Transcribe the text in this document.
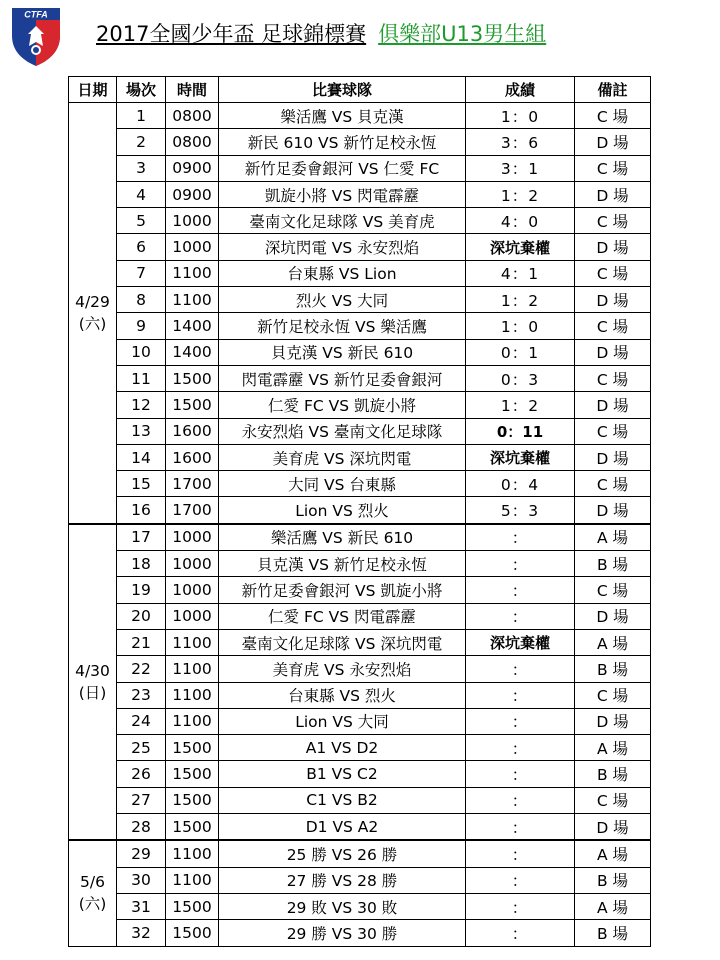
CTFA
2017全國少年盃 足球錦標賽 俱樂部U13男生組
日期	場次	時間	比賽球隊	成績	備註

4/29
(六)	1	0800	樂活鷹 VS 貝克漢	1：0	C 場
	2	0800	新民 610 VS 新竹足校永恆	3：6	D 場
	3	0900	新竹足委會銀河 VS 仁愛 FC	3：1	C 場
	4	0900	凱旋小將 VS 閃電霹靂	1：2	D 場
	5	1000	臺南文化足球隊 VS 美育虎	4：0	C 場
	6	1000	深坑閃電 VS 永安烈焰	深坑棄權	D 場
	7	1100	台東縣 VS Lion	4：1	C 場
	8	1100	烈火 VS 大同	1：2	D 場
	9	1400	新竹足校永恆 VS 樂活鷹	1：0	C 場
	10	1400	貝克漢 VS 新民 610	0：1	D 場
	11	1500	閃電霹靂 VS 新竹足委會銀河	0：3	C 場
	12	1500	仁愛 FC VS 凱旋小將	1：2	D 場
	13	1600	永安烈焰 VS 臺南文化足球隊	0：11	C 場
	14	1600	美育虎 VS 深坑閃電	深坑棄權	D 場
	15	1700	大同 VS 台東縣	0：4	C 場
	16	1700	Lion VS 烈火	5：3	D 場

4/30
(日)	17	1000	樂活鷹 VS 新民 610	：	A 場
	18	1000	貝克漢 VS 新竹足校永恆	：	B 場
	19	1000	新竹足委會銀河 VS 凱旋小將	：	C 場
	20	1000	仁愛 FC VS 閃電霹靂	：	D 場
	21	1100	臺南文化足球隊 VS 深坑閃電	深坑棄權	A 場
	22	1100	美育虎 VS 永安烈焰	：	B 場
	23	1100	台東縣 VS 烈火	：	C 場
	24	1100	Lion VS 大同	：	D 場
	25	1500	A1 VS D2	：	A 場
	26	1500	B1 VS C2	：	B 場
	27	1500	C1 VS B2	：	C 場
	28	1500	D1 VS A2	：	D 場

5/6
(六)	29	1100	25 勝 VS 26 勝	：	A 場
	30	1100	27 勝 VS 28 勝	：	B 場
	31	1500	29 敗 VS 30 敗	：	A 場
	32	1500	29 勝 VS 30 勝	：	B 場
